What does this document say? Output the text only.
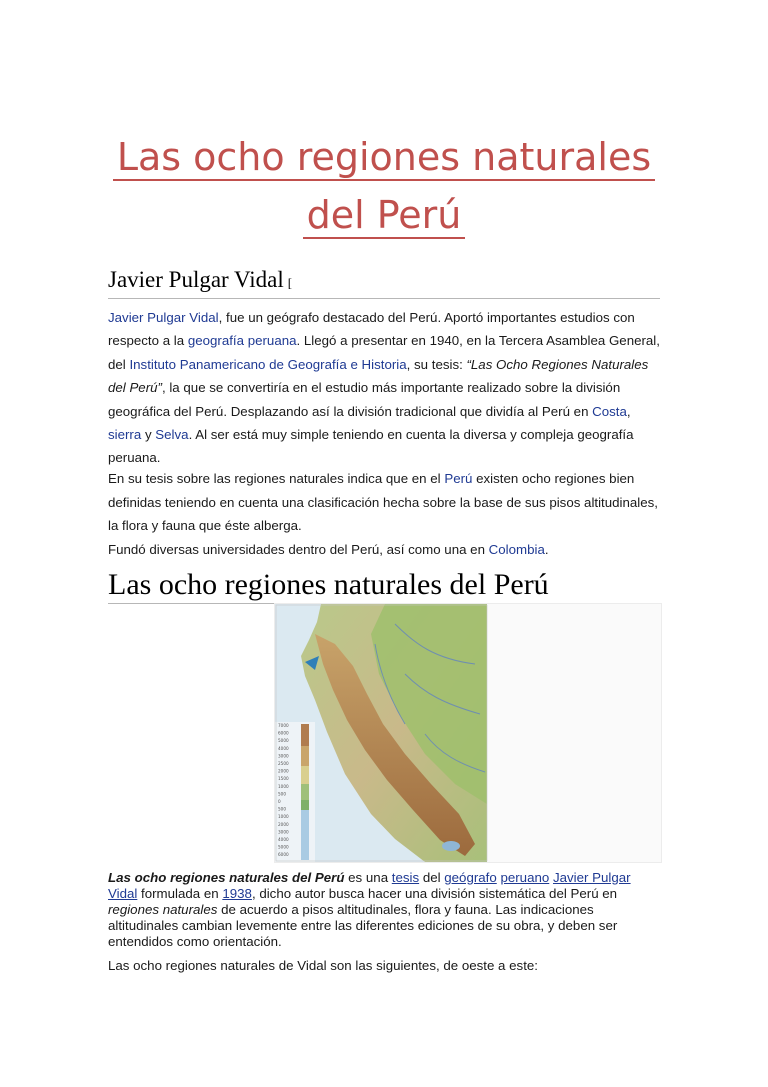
Las ocho regiones naturales
del Perú
Javier Pulgar Vidal [

Javier Pulgar Vidal, fue un geógrafo destacado del Perú. Aportó importantes estudios con respecto a la geografía peruana. Llegó a presentar en 1940, en la Tercera Asamblea General, del Instituto Panamericano de Geografía e Historia, su tesis: “Las Ocho Regiones Naturales del Perú”, la que se convertiría en el estudio más importante realizado sobre la división geográfica del Perú. Desplazando así la división tradicional que dividía al Perú en Costa, sierra y Selva. Al ser está muy simple teniendo en cuenta la diversa y compleja geografía peruana.

En su tesis sobre las regiones naturales indica que en el Perú existen ocho regiones bien definidas teniendo en cuenta una clasificación hecha sobre la base de sus pisos altitudinales, la flora y fauna que éste alberga.

Fundó diversas universidades dentro del Perú, así como una en Colombia.

Las ocho regiones naturales del Perú
7000
6000
5000
4000
3000
2500
2000
1500
1000
500
0
500
1000
2000
3000
4000
5000
6000

Las ocho regiones naturales del Perú es una tesis del geógrafo peruano Javier Pulgar Vidal formulada en 1938, dicho autor busca hacer una división sistemática del Perú en regiones naturales de acuerdo a pisos altitudinales, flora y fauna. Las indicaciones altitudinales cambian levemente entre las diferentes ediciones de su obra, y deben ser entendidos como orientación.

Las ocho regiones naturales de Vidal son las siguientes, de oeste a este:
